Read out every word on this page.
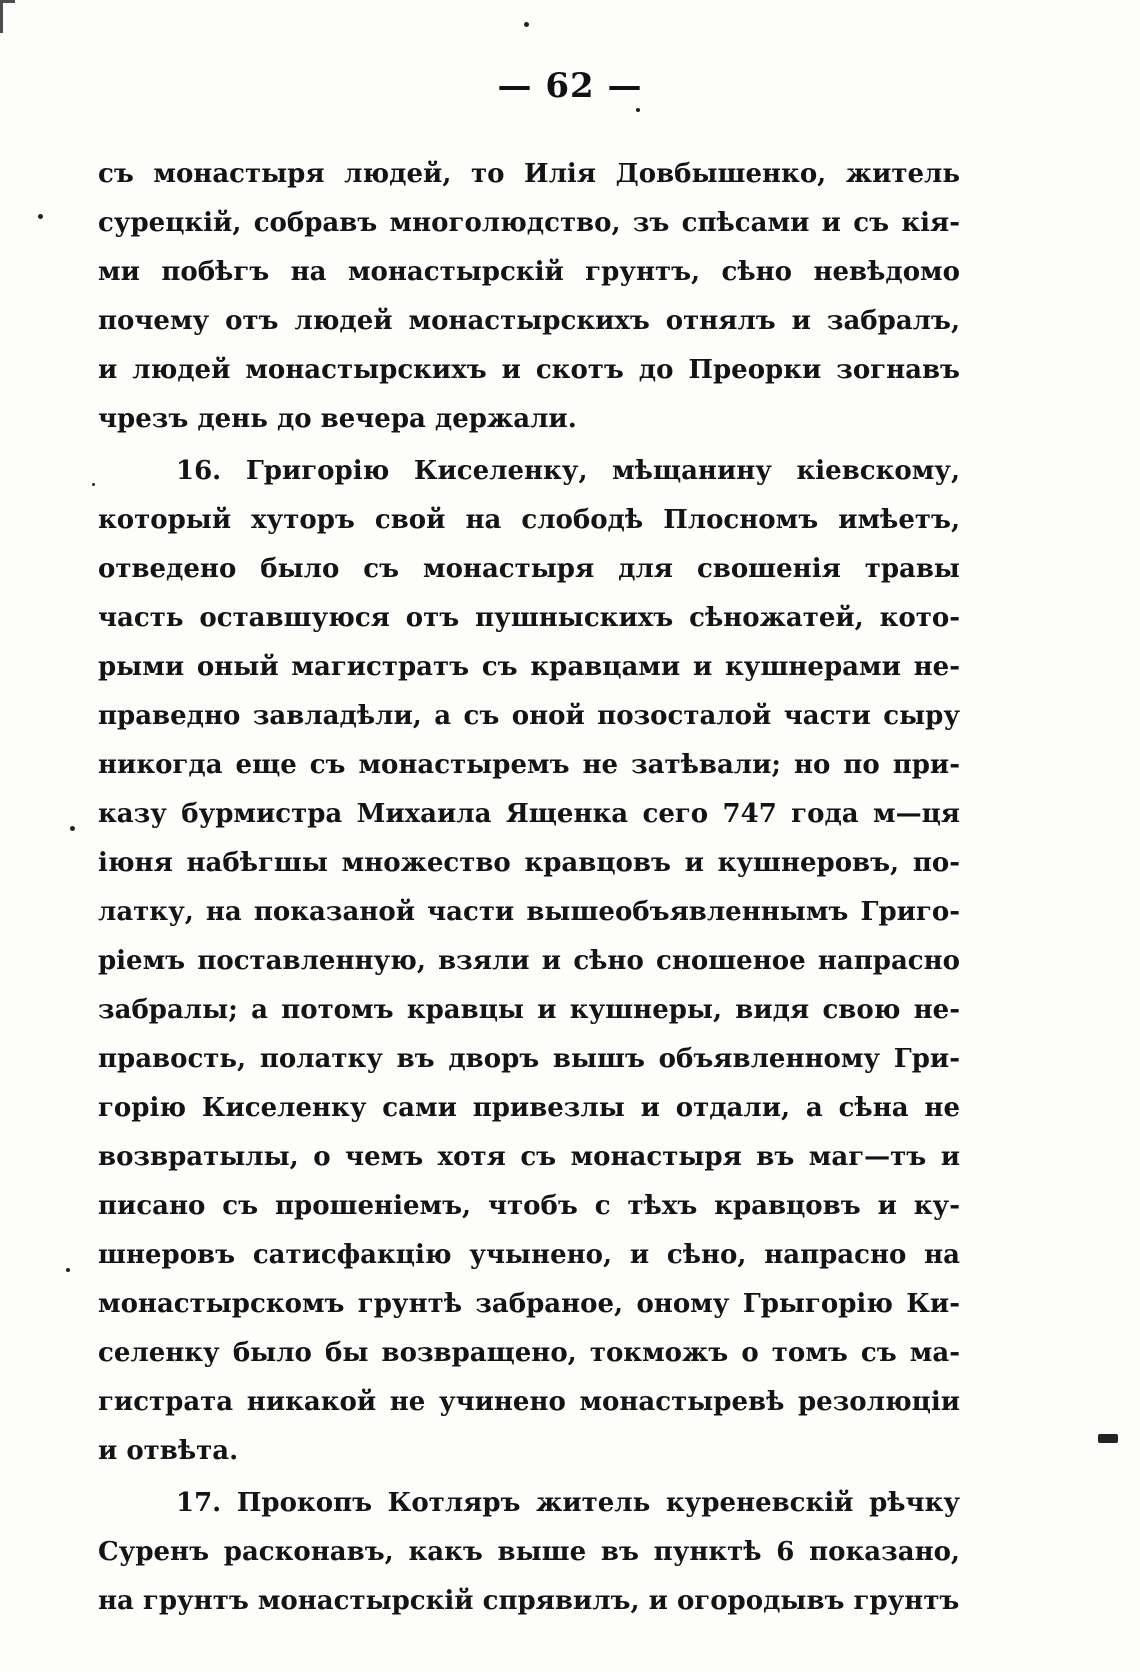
— 62 —
съ монастыря людей, то Илія Довбышенко, житель
сурецкій, собравъ многолюдство, зъ спѣсами и съ кія-
ми побѣгъ на монастырскій грунтъ, сѣно невѣдомо
почему отъ людей монастырскихъ отнялъ и забралъ,
и людей монастырскихъ и скотъ до Преорки зогнавъ
чрезъ день до вечера держали.
16. Григорію Киселенку, мѣщанину кіевскому,
который хуторъ свой на слободѣ Плосномъ имѣетъ,
отведено было съ монастыря для свошенія травы
часть оставшуюся отъ пушныскихъ сѣножатей, кото-
рыми оный магистратъ съ кравцами и кушнерами не-
праведно завладѣли, а съ оной позосталой части сыру
никогда еще съ монастыремъ не затѣвали; но по при-
казу бурмистра Михаила Ященка сего 747 года м—ця
іюня набѣгшы множество кравцовъ и кушнеровъ, по-
латку, на показаной части вышеобъявленнымъ Григо-
ріемъ поставленную, взяли и сѣно сношеное напрасно
забралы; а потомъ кравцы и кушнеры, видя свою не-
правость, полатку въ дворъ вышъ объявленному Гри-
горію Киселенку сами привезлы и отдали, а сѣна не
возвратылы, о чемъ хотя съ монастыря въ маг—тъ и
писано съ прошеніемъ, чтобъ с тѣхъ кравцовъ и ку-
шнеровъ сатисфакцію учынено, и сѣно, напрасно на
монастырскомъ грунтѣ забраное, оному Грыгорію Ки-
селенку было бы возвращено, токможъ о томъ съ ма-
гистрата никакой не учинено монастыревѣ резолюціи
и отвѣта.
17. Прокопъ Котляръ житель куреневскій рѣчку
Суренъ расконавъ, какъ выше въ пунктѣ 6 показано,
на грунтъ монастырскій спрявилъ, и огородывъ грунтъ
